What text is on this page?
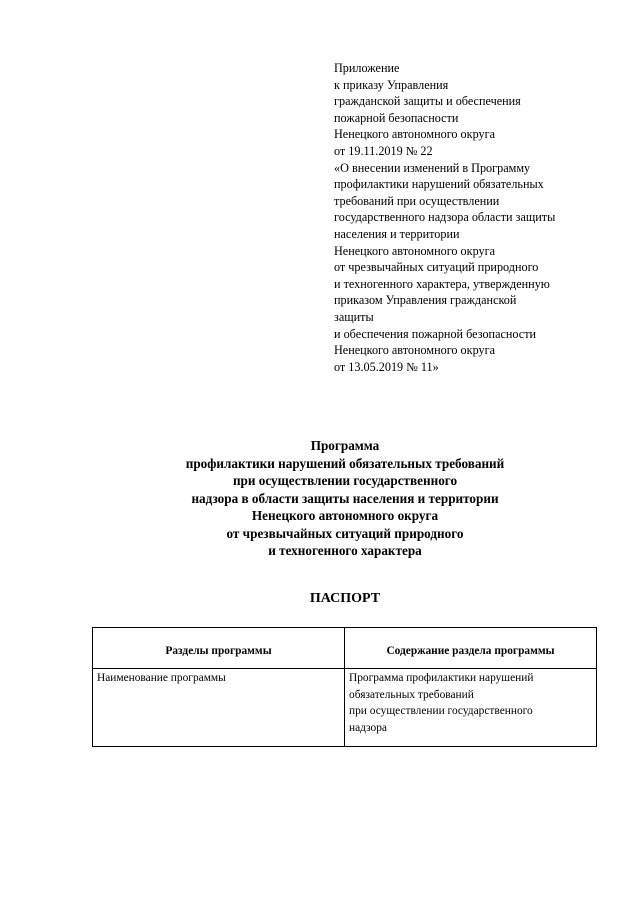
Приложение
к приказу Управления
гражданской защиты и обеспечения
пожарной безопасности
Ненецкого автономного округа
от 19.11.2019 № 22
«О внесении изменений в Программу
профилактики нарушений обязательных
требований при осуществлении
государственного надзора области защиты
населения и территории
Ненецкого автономного округа
от чрезвычайных ситуаций природного
и техногенного характера, утвержденную
приказом Управления гражданской
защиты
и обеспечения пожарной безопасности
Ненецкого автономного округа
от 13.05.2019 № 11»
Программа
профилактики нарушений обязательных требований
при осуществлении государственного
надзора в области защиты населения и территории
Ненецкого автономного округа
от чрезвычайных ситуаций природного
и техногенного характера
ПАСПОРТ
Разделы программы	Содержание раздела программы
Наименование программы	Программа профилактики нарушений
обязательных требований
при осуществлении государственного
надзора
